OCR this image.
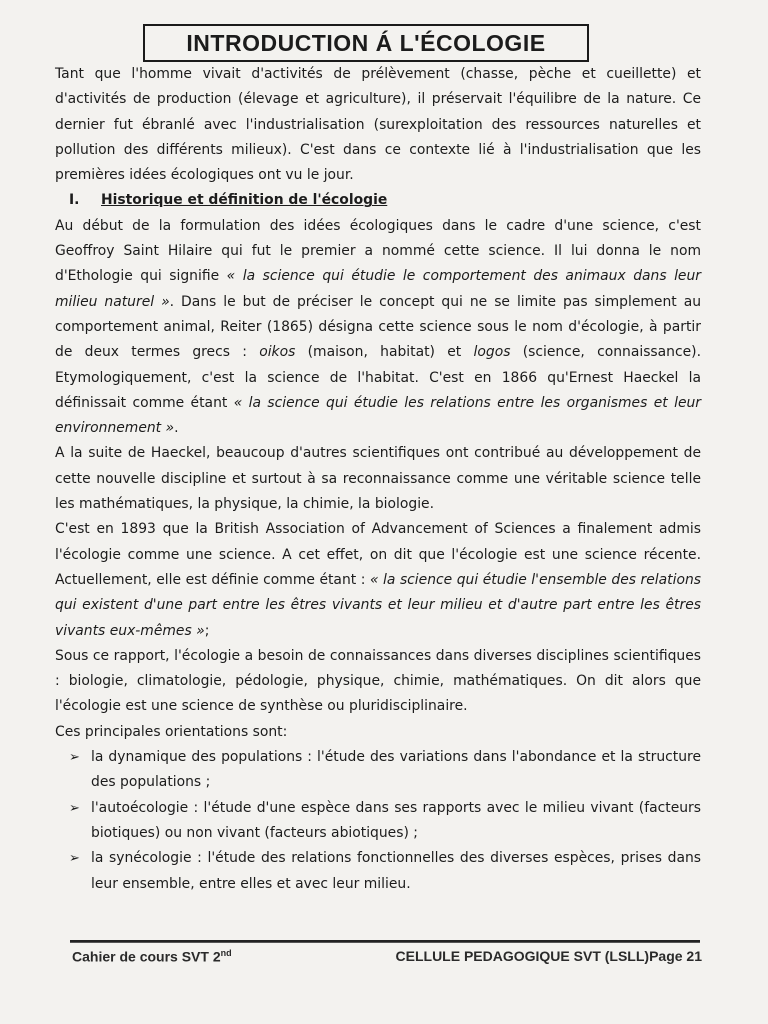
INTRODUCTION Á L'ÉCOLOGIE

Tant que l'homme vivait d'activités de prélèvement (chasse, pèche et cueillette) et d'activités de production (élevage et agriculture), il préservait l'équilibre de la nature. Ce dernier fut ébranlé avec l'industrialisation (surexploitation des ressources naturelles et pollution des différents milieux). C'est dans ce contexte lié à l'industrialisation que les premières idées écologiques ont vu le jour.

I. Historique et définition de l'écologie

Au début de la formulation des idées écologiques dans le cadre d'une science, c'est Geoffroy Saint Hilaire qui fut le premier a nommé cette science. Il lui donna le nom d'Ethologie qui signifie « la science qui étudie le comportement des animaux dans leur milieu naturel ». Dans le but de préciser le concept qui ne se limite pas simplement au comportement animal, Reiter (1865) désigna cette science sous le nom d'écologie, à partir de deux termes grecs : oikos (maison, habitat) et logos (science, connaissance). Etymologiquement, c'est la science de l'habitat. C'est en 1866 qu'Ernest Haeckel la définissait comme étant « la science qui étudie les relations entre les organismes et leur environnement ».

A la suite de Haeckel, beaucoup d'autres scientifiques ont contribué au développement de cette nouvelle discipline et surtout à sa reconnaissance comme une véritable science telle les mathématiques, la physique, la chimie, la biologie.

C'est en 1893 que la British Association of Advancement of Sciences a finalement admis l'écologie comme une science. A cet effet, on dit que l'écologie est une science récente. Actuellement, elle est définie comme étant : « la science qui étudie l'ensemble des relations qui existent d'une part entre les êtres vivants et leur milieu et d'autre part entre les êtres vivants eux-mêmes »;

Sous ce rapport, l'écologie a besoin de connaissances dans diverses disciplines scientifiques : biologie, climatologie, pédologie, physique, chimie, mathématiques. On dit alors que l'écologie est une science de synthèse ou pluridisciplinaire.

Ces principales orientations sont:

➢ la dynamique des populations : l'étude des variations dans l'abondance et la structure des populations ;
➢ l'autoécologie : l'étude d'une espèce dans ses rapports avec le milieu vivant (facteurs biotiques) ou non vivant (facteurs abiotiques) ;
➢ la synécologie : l'étude des relations fonctionnelles des diverses espèces, prises dans leur ensemble, entre elles et avec leur milieu.
Cahier de cours SVT 2nd	CELLULE PEDAGOGIQUE SVT (LSLL)Page 21
